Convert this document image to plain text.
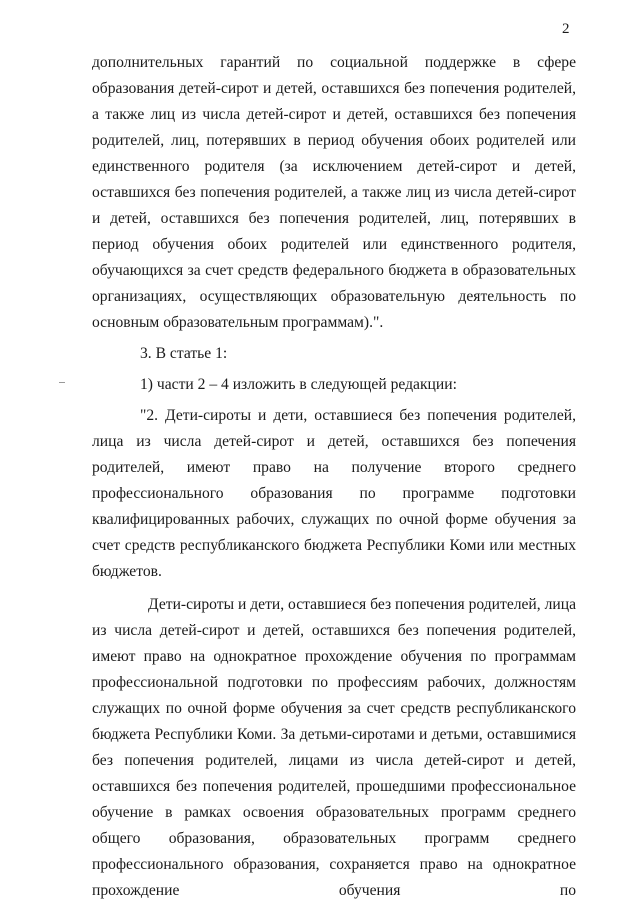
2

дополнительных гарантий по социальной поддержке в сфере образования детей-сирот и детей, оставшихся без попечения родителей, а также лиц из числа детей-сирот и детей, оставшихся без попечения родителей, лиц, потерявших в период обучения обоих родителей или единственного родителя (за исключением детей-сирот и детей, оставшихся без попечения родителей, а также лиц из числа детей-сирот и детей, оставшихся без попечения родителей, лиц, потерявших в период обучения обоих родителей или единственного родителя, обучающихся за счет средств федерального бюджета в образовательных организациях, осуществляющих образовательную деятельность по основным образовательным программам).".

3. В статье 1:

1) части 2 – 4 изложить в следующей редакции:

"2. Дети-сироты и дети, оставшиеся без попечения родителей, лица из числа детей-сирот и детей, оставшихся без попечения родителей, имеют право на получение второго среднего профессионального образования по программе подготовки квалифицированных рабочих, служащих по очной форме обучения за счет средств республиканского бюджета Республики Коми или местных бюджетов.

Дети-сироты и дети, оставшиеся без попечения родителей, лица из числа детей-сирот и детей, оставшихся без попечения родителей, имеют право на однократное прохождение обучения по программам профессиональной подготовки по профессиям рабочих, должностям служащих по очной форме обучения за счет средств республиканского бюджета Республики Коми. За детьми-сиротами и детьми, оставшимися без попечения родителей, лицами из числа детей-сирот и детей, оставшихся без попечения родителей, прошедшими профессиональное обучение в рамках освоения образовательных программ среднего общего образования, образовательных программ среднего профессионального образования, сохраняется право на однократное прохождение обучения по
